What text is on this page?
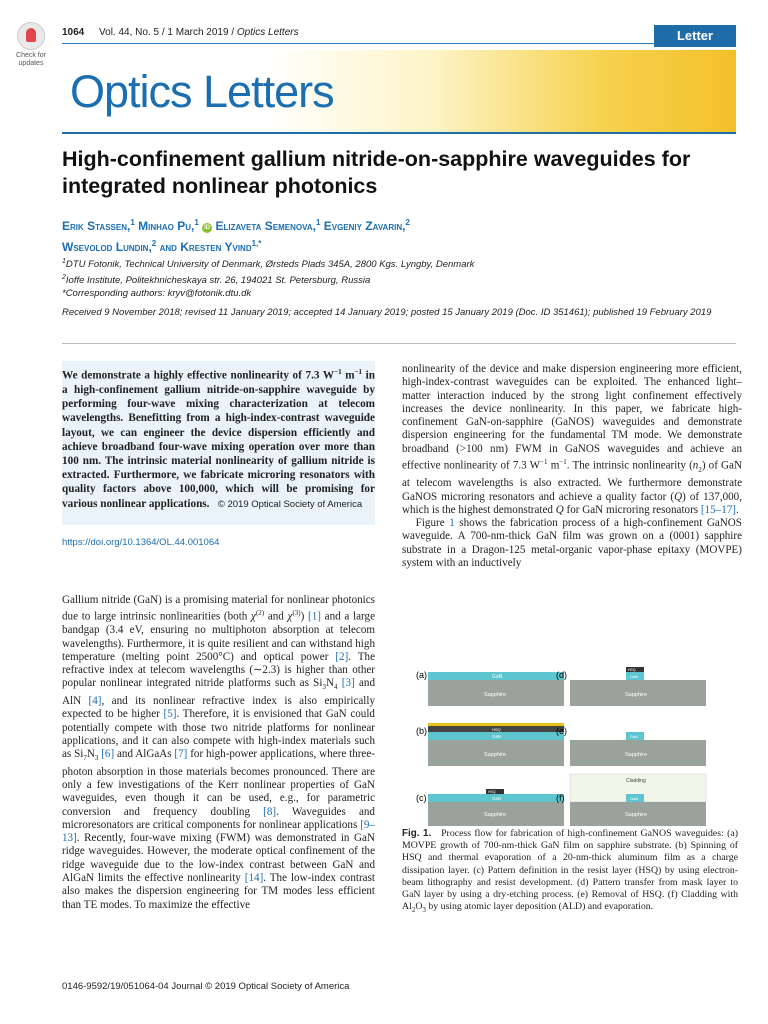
Check for updates
1064 Vol. 44, No. 5 / 1 March 2019 / Optics Letters	Letter
Optics Letters
High-confinement gallium nitride-on-sapphire waveguides for integrated nonlinear photonics
Erik Stassen,$^1$ Minhao Pu,$^1$ iD Elizaveta Semenova,$^1$ Evgeniy Zavarin,$^2$
Wsevolod Lundin,$^2$ and Kresten Yvind$^{1,*}$
$^1$DTU Fotonik, Technical University of Denmark, Ørsteds Plads 345A, 2800 Kgs. Lyngby, Denmark
$^2$Ioffe Institute, Politekhnicheskaya str. 26, 194021 St. Petersburg, Russia
*Corresponding authors: kryv@fotonik.dtu.dk
Received 9 November 2018; revised 11 January 2019; accepted 14 January 2019; posted 15 January 2019 (Doc. ID 351461); published 19 February 2019
We demonstrate a highly effective nonlinearity of 7.3 $W^{-1}$ $m^{-1}$ in a high-confinement gallium nitride-on-sapphire waveguide by performing four-wave mixing characterization at telecom wavelengths. Benefitting from a high-index-contrast waveguide layout, we can engineer the device dispersion efficiently and achieve broadband four-wave mixing operation over more than 100 nm. The intrinsic material nonlinearity of gallium nitride is extracted. Furthermore, we fabricate microring resonators with quality factors above 100,000, which will be promising for various nonlinear applications. © 2019 Optical Society of America
https://doi.org/10.1364/OL.44.001064
Gallium nitride (GaN) is a promising material for nonlinear photonics due to large intrinsic nonlinearities (both $\chi^{(2)}$ and $\chi^{(3)}$) [1] and a large bandgap (3.4 eV, ensuring no multiphoton absorption at telecom wavelengths). Furthermore, it is quite resilient and can withstand high temperature (melting point 2500°C) and optical power [2]. The refractive index at telecom wavelengths (∼2.3) is higher than other popular nonlinear integrated nitride platforms such as $Si_3N_4$ [3] and AlN [4], and its nonlinear refractive index is also empirically expected to be higher [5]. Therefore, it is envisioned that GaN could potentially compete with those two nitride platforms for nonlinear applications, and it can also compete with high-index materials such as $Si_7N_3$ [6] and AlGaAs [7] for high-power applications, where three-photon absorption in those materials becomes pronounced. There are only a few investigations of the Kerr nonlinear properties of GaN waveguides, even though it can be used, e.g., for parametric conversion and frequency doubling [8]. Waveguides and microresonators are critical components for nonlinear applications [9–13]. Recently, four-wave mixing (FWM) was demonstrated in GaN ridge waveguides. However, the moderate optical confinement of the ridge waveguide due to the low-index contrast between GaN and AlGaN limits the effective nonlinearity [14]. The low-index contrast also makes the dispersion engineering for TM modes less efficient than TE modes. To maximize the effective
nonlinearity of the device and make dispersion engineering more efficient, high-index-contrast waveguides can be exploited. The enhanced light–matter interaction induced by the strong light confinement effectively increases the device nonlinearity. In this paper, we fabricate high-confinement GaN-on-sapphire (GaNOS) waveguides and demonstrate dispersion engineering for the fundamental TM mode. We demonstrate broadband (>100 nm) FWM in GaNOS waveguides and achieve an effective nonlinearity of 7.3 $W^{-1}$ $m^{-1}$. The intrinsic nonlinearity $(n_2)$ of GaN at telecom wavelengths is also extracted. We furthermore demonstrate GaNOS microring resonators and achieve a quality factor (Q) of 137,000, which is the highest demonstrated Q for GaN microring resonators [15–17].
Figure 1 shows the fabrication process of a high-confinement GaNOS waveguide. A 700-nm-thick GaN film was grown on a (0001) sapphire substrate in a Dragon-125 metal-organic vapor-phase epitaxy (MOVPE) system with an inductively
(a)	GaN
Sapphire
(d)	HSQ
GaN
Sapphire
(b)	HSQ
GaN
Sapphire
(e)
GaN
Sapphire
(c)
HSQ
GaN
Sapphire
(f)
Cladding
GaN
Sapphire
Fig. 1. Process flow for fabrication of high-confinement GaNOS waveguides: (a) MOVPE growth of 700-nm-thick GaN film on sapphire substrate. (b) Spinning of HSQ and thermal evaporation of a 20-nm-thick aluminum film as a charge dissipation layer. (c) Pattern definition in the resist layer (HSQ) by using electron-beam lithography and resist development. (d) Pattern transfer from mask layer to GaN layer by using a dry-etching process. (e) Removal of HSQ. (f) Cladding with $Al_2O_3$ by using atomic layer deposition (ALD) and evaporation.
0146-9592/19/051064-04 Journal © 2019 Optical Society of America
